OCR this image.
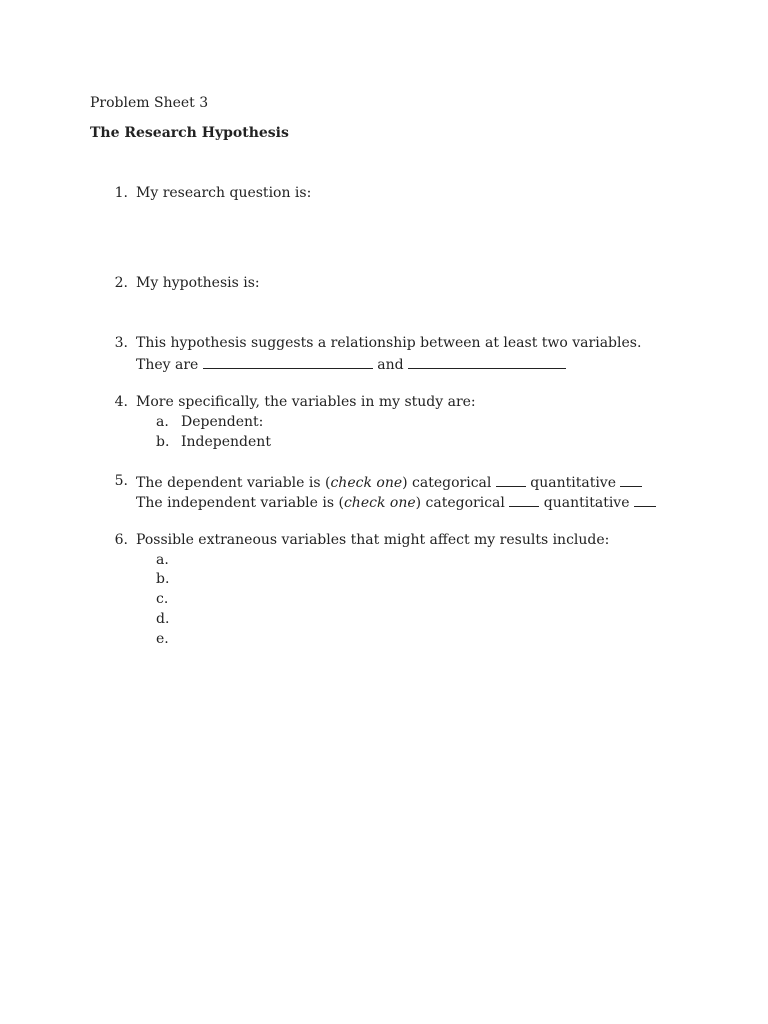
Problem Sheet 3
The Research Hypothesis
1. My research question is:
2. My hypothesis is:
3. This hypothesis suggests a relationship between at least two variables.
They are	and
4. More specifically, the variables in my study are:
a. Dependent:
b. Independent
5. The dependent variable is (check one) categorical	quantitative
The independent variable is (check one) categorical	quantitative
6. Possible extraneous variables that might affect my results include:
a.
b.
c.
d.
e.
